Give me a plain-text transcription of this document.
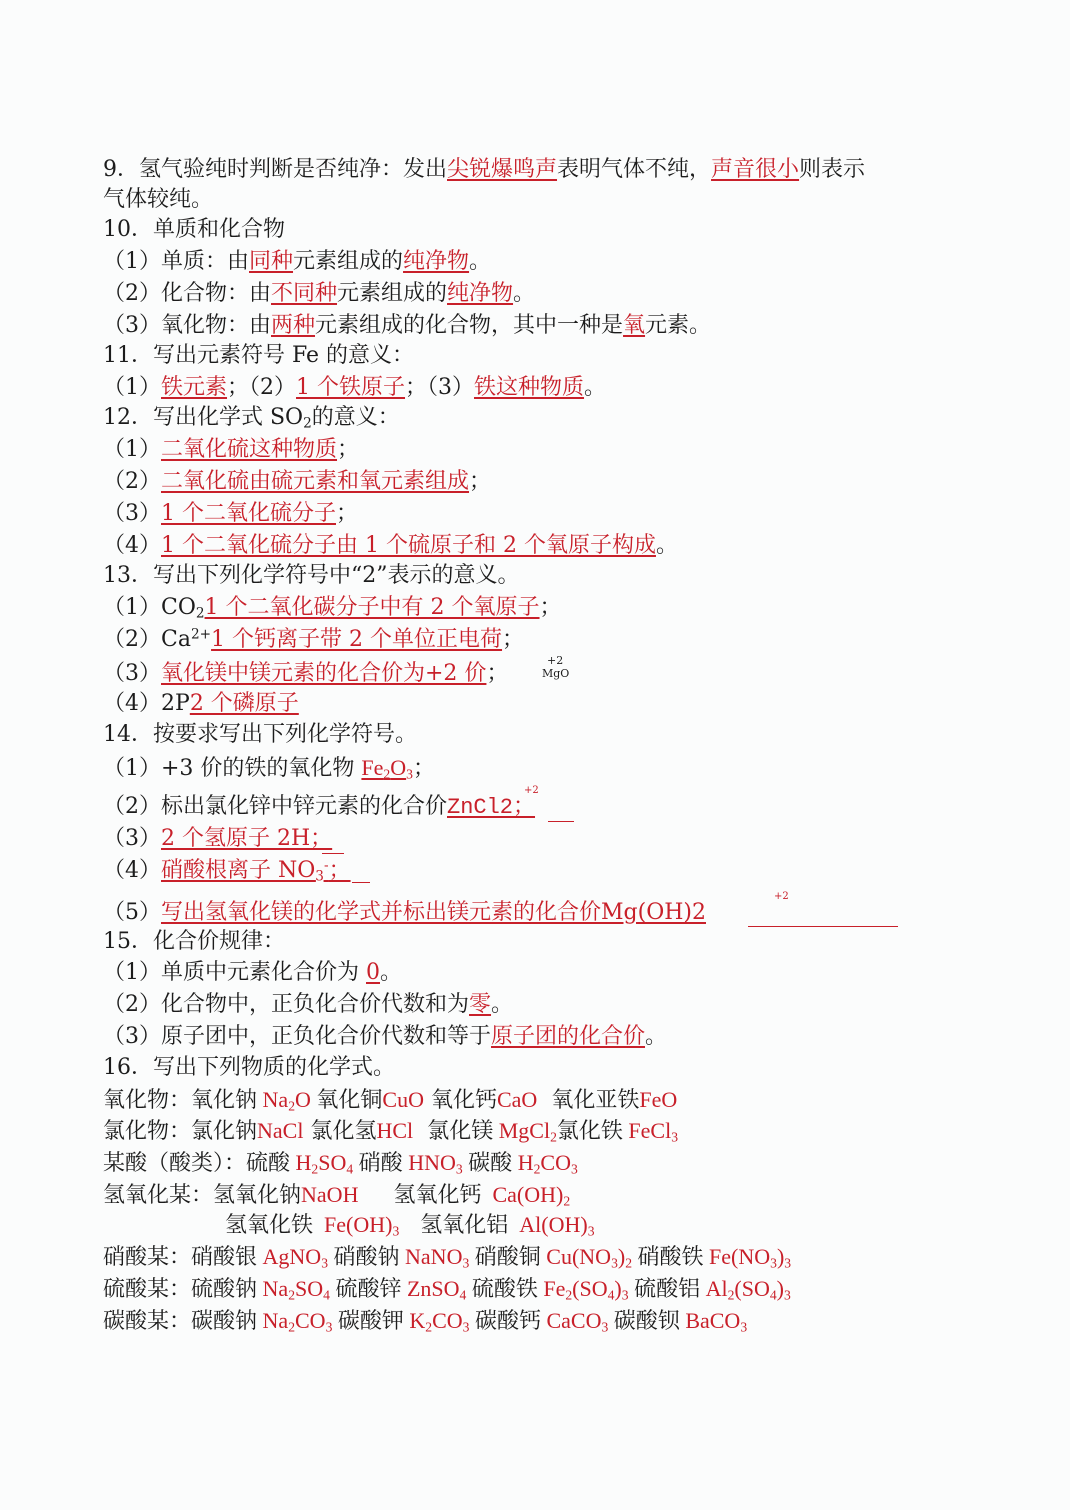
9．氢气验纯时判断是否纯净：发出尖锐爆鸣声表明气体不纯，声音很小则表示
气体较纯。
10．单质和化合物
（1）单质：由同种元素组成的纯净物。
（2）化合物：由不同种元素组成的纯净物。
（3）氧化物：由两种元素组成的化合物，其中一种是氧元素。
11．写出元素符号 Fe 的意义：
（1）铁元素；（2）1 个铁原子；（3）铁这种物质。
12．写出化学式 $SO_2$的意义：
（1）二氧化硫这种物质；
（2）二氧化硫由硫元素和氧元素组成；
（3）1 个二氧化硫分子；
（4）1 个二氧化硫分子由 1 个硫原子和 2 个氧原子构成。
13．写出下列化学符号中“2”表示的意义。
$(1)CO_21$ 个二氧化碳分子中有 2 个氧原子；
$(2)Ca^{2+}1$ 个钙离子带 2 个单位正电荷；
（3）氧化镁中镁元素的化合价为+2 价；
+2
MgO
（4）2P2 个磷原子
14．按要求写出下列化学符号。
（1）+3 价的铁的氧化物 $Fe_2O_3$；
+2
（2）标出氯化锌中锌元素的化合价ZnCl2；
（3）2 个氢原子 2H；
（4）硝酸根离子 $NO_3^-$；
+2
（5）写出氢氧化镁的化学式并标出镁元素的化合价Mg(OH)2
15．化合价规律：
（1）单质中元素化合价为 0。
（2）化合物中，正负化合价代数和为零。
（3）原子团中，正负化合价代数和等于原子团的化合价。
16．写出下列物质的化学式。
氧化物：氧化钠 $Na_2O$ 氧化铜CuO 氧化钙CaO 氧化亚铁FeO
氯化物：氯化钠NaCl 氯化氢HCl 氯化镁 MgCl$_2$氯化铁 FeCl$_3$
某酸（酸类）：硫酸 $H_2SO_4$ 硝酸 $HNO_3$ 碳酸 $H_2CO_3$
氢氧化某：氢氧化钠NaOH 氢氧化钙  $Ca(OH)_2$
氢氧化铁  $Fe(OH)_3$ 氢氧化铝  $Al(OH)_3$
硝酸某：硝酸银 AgNO$_3$ 硝酸钠 NaNO$_3$ 硝酸铜 $Cu(NO_3)_2$ 硝酸铁 $Fe(NO_3)_3$
硫酸某：硫酸钠 $Na_2SO_4$ 硫酸锌 ZnSO$_4$ 硫酸铁 $Fe_2(SO_4)_3$ 硫酸铝 $Al_2(SO_4)_3$
碳酸某：碳酸钠 $Na_2CO_3$ 碳酸钾 $K_2CO_3$ 碳酸钙 CaCO$_3$ 碳酸钡 BaCO$_3$
